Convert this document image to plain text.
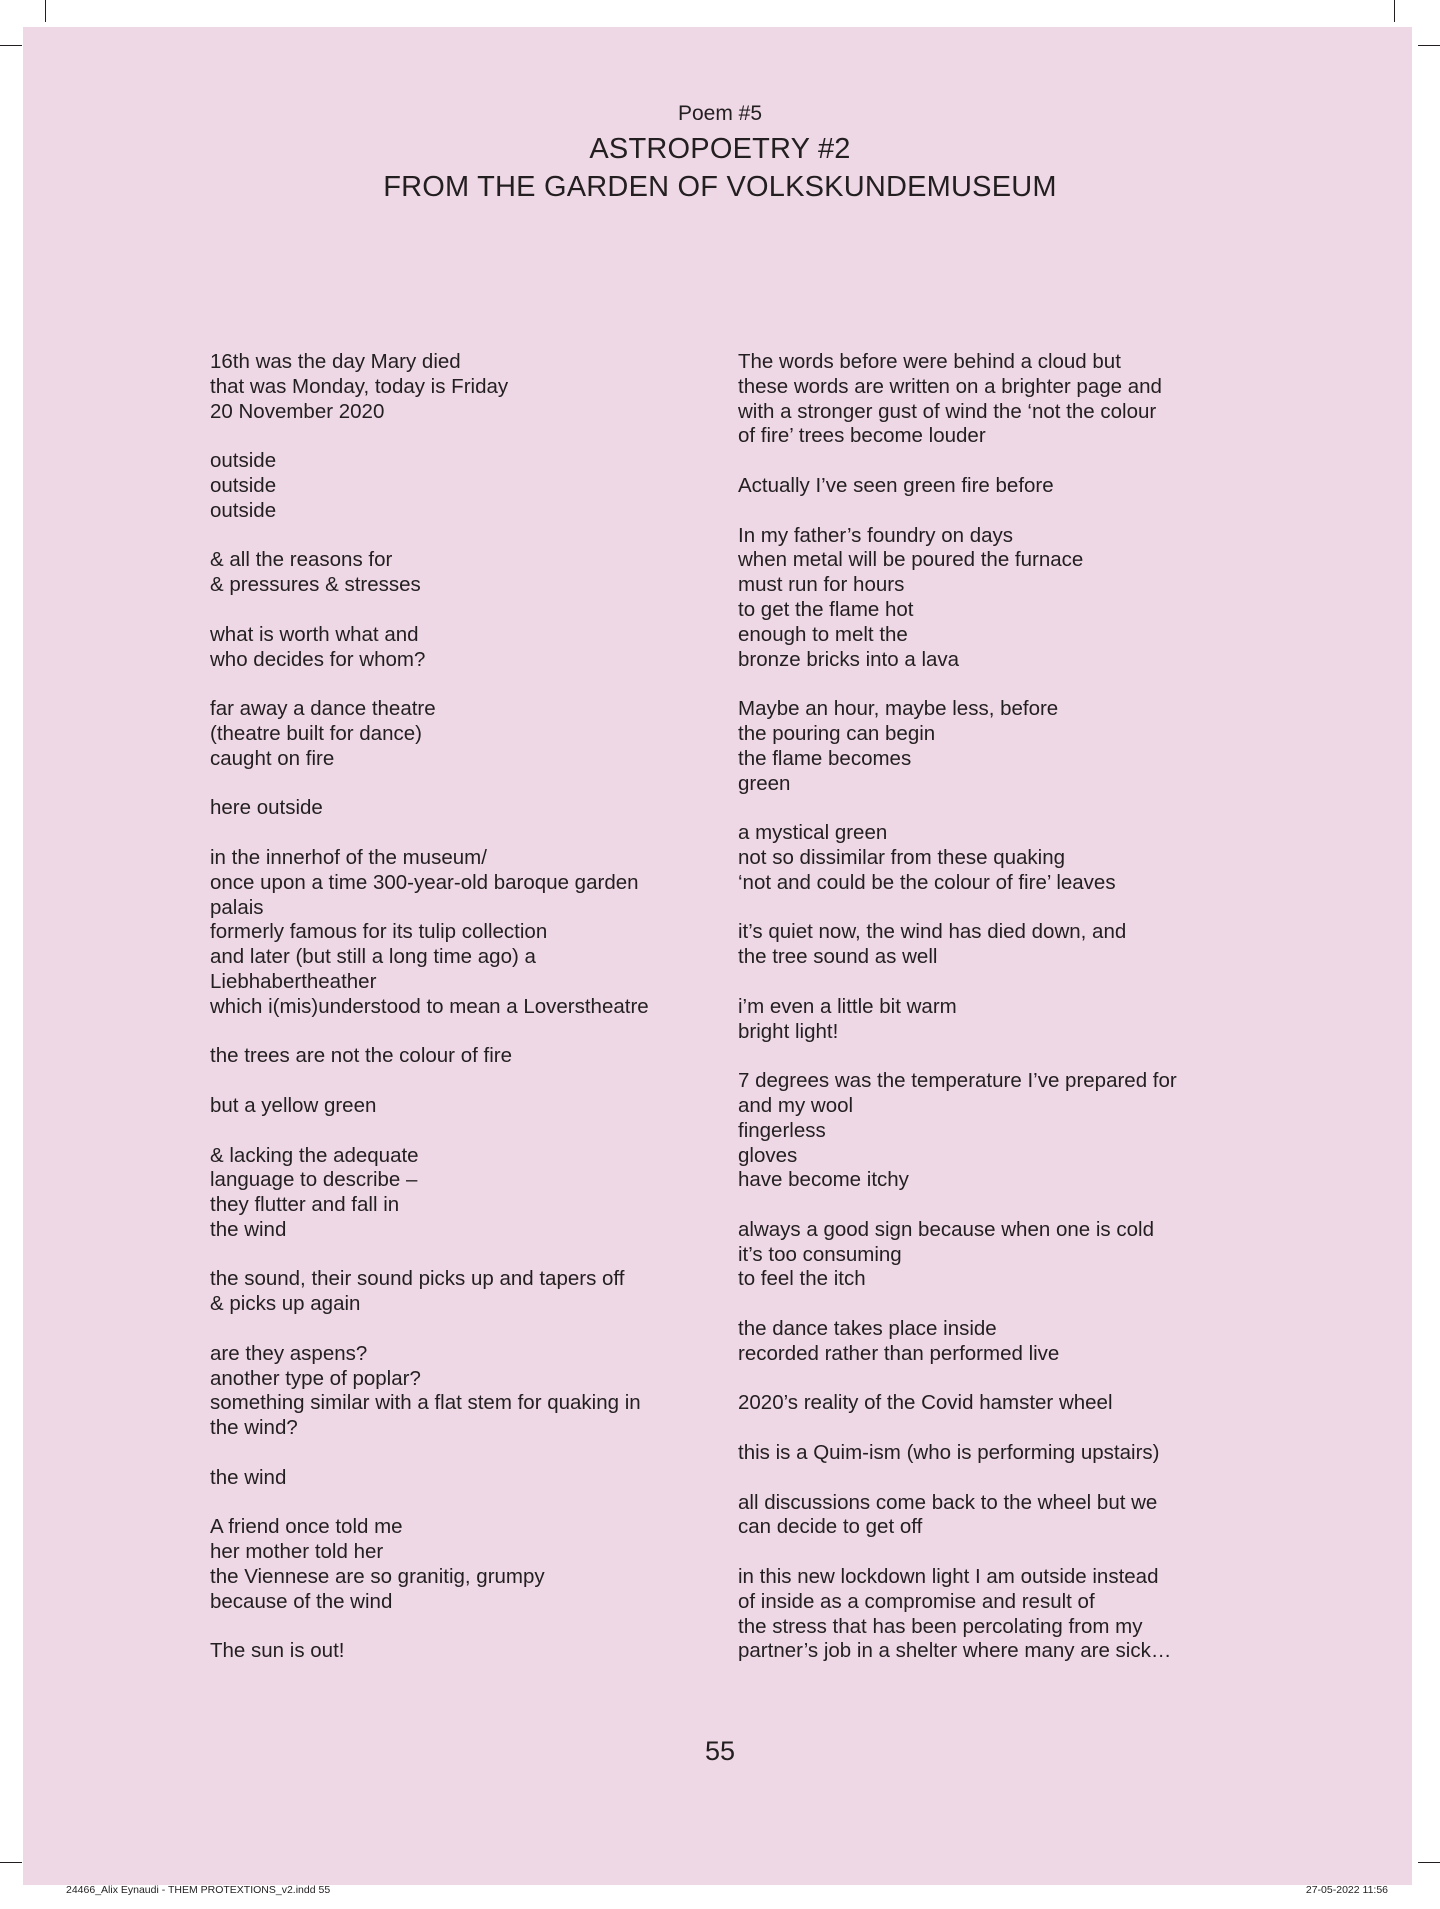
Poem #5
ASTROPOETRY #2
FROM THE GARDEN OF VOLKSKUNDEMUSEUM
16th was the day Mary died
that was Monday, today is Friday
20 November 2020
outside
outside
outside
& all the reasons for
& pressures & stresses
what is worth what and
who decides for whom?
far away a dance theatre
(theatre built for dance)
caught on fire
here outside
in the innerhof of the museum/
once upon a time 300-year-old baroque garden
palais
formerly famous for its tulip collection
and later (but still a long time ago) a
Liebhabertheather
which i(mis)understood to mean a Loverstheatre
the trees are not the colour of fire
but a yellow green
& lacking the adequate
language to describe –
they flutter and fall in
the wind
the sound, their sound picks up and tapers off
& picks up again
are they aspens?
another type of poplar?
something similar with a flat stem for quaking in
the wind?
the wind
A friend once told me
her mother told her
the Viennese are so granitig, grumpy
because of the wind
The sun is out!
The words before were behind a cloud but
these words are written on a brighter page and
with a stronger gust of wind the ‘not the colour
of fire’ trees become louder
Actually I’ve seen green fire before
In my father’s foundry on days
when metal will be poured the furnace
must run for hours
to get the flame hot
enough to melt the
bronze bricks into a lava
Maybe an hour, maybe less, before
the pouring can begin
the flame becomes
green
a mystical green
not so dissimilar from these quaking
‘not and could be the colour of fire’ leaves
it’s quiet now, the wind has died down, and
the tree sound as well
i’m even a little bit warm
bright light!
7 degrees was the temperature I’ve prepared for
and my wool
fingerless
gloves
have become itchy
always a good sign because when one is cold
it’s too consuming
to feel the itch
the dance takes place inside
recorded rather than performed live
2020’s reality of the Covid hamster wheel
this is a Quim-ism (who is performing upstairs)
all discussions come back to the wheel but we
can decide to get off
in this new lockdown light I am outside instead
of inside as a compromise and result of
the stress that has been percolating from my
partner’s job in a shelter where many are sick…
55
24466_Alix Eynaudi - THEM PROTEXTIONS_v2.indd 55	27-05-2022 11:56
